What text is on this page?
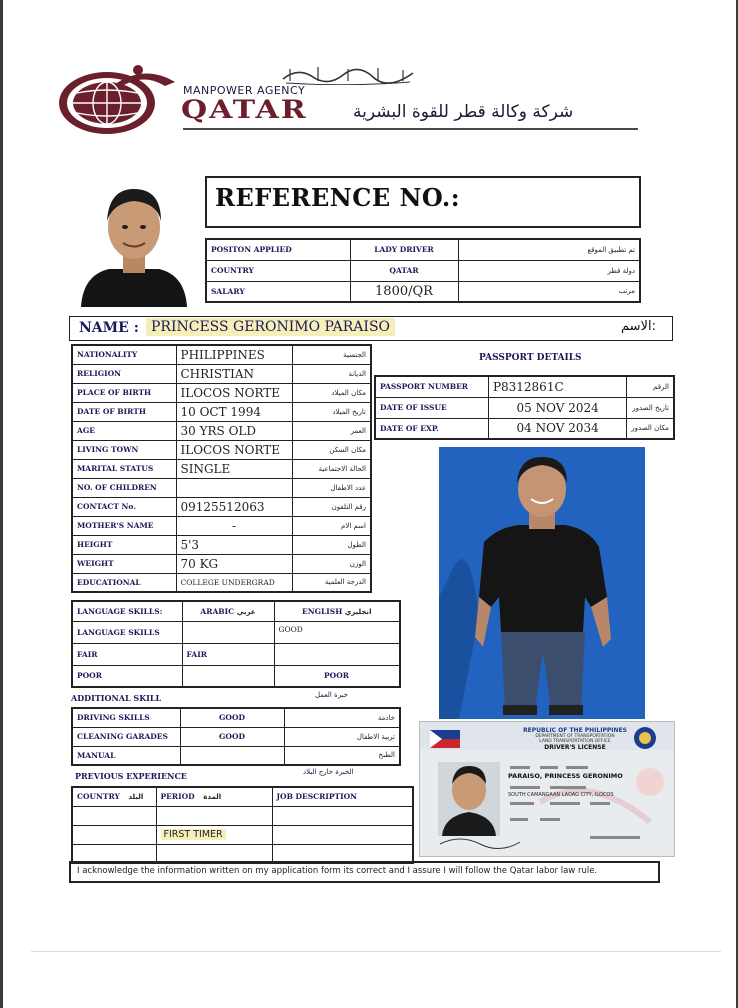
MANPOWER AGENCY
QATAR	شركة وكالة قطر للقوة البشرية
REFERENCE NO.:
POSITON APPLIED	LADY DRIVER	تم تطبيق الموقع
COUNTRY	QATAR	دولة قطر
SALARY	1800/QR	مرتب
NAME : PRINCESS GERONIMO PARAISO	الاسم:
NATIONALITY	PHILIPPINES	الجنسية
RELIGION	CHRISTIAN	الديانة
PLACE OF BIRTH	ILOCOS NORTE	مكان الميلاد
DATE OF BIRTH	10 OCT 1994	تاريخ الميلاد
AGE	30 YRS OLD	العمر
LIVING TOWN	ILOCOS NORTE	مكان السكن
MARITAL STATUS	SINGLE	الحالة الاجتماعية
NO. OF CHILDREN		عدد الاطفال
CONTACT No.	09125512063	رقم التلفون
MOTHER'S NAME	-	اسم الام
HEIGHT	5'3	الطول
WEIGHT	70 KG	الوزن
EDUCATIONAL	COLLEGE UNDERGRAD	الدرجة العلمية
PASSPORT DETAILS
PASSPORT NUMBER	P8312861C	الرقم
DATE OF ISSUE	05 NOV 2024	تاريخ الصدور
DATE OF EXP.	04 NOV 2034	مكان الصدور
REPUBLIC OF THE PHILIPPINES
DEPARTMENT OF TRANSPORTATION
LAND TRANSPORTATION OFFICE
DRIVER'S LICENSE
PARAISO, PRINCESS GERONIMO
SOUTH CAMANGAAN LAOAG CITY, ILOCOS
LANGUAGE SKILLS:	ARABIC عربي	ENGLISH انجليزي
LANGUAGE SKILLS		GOOD
FAIR	FAIR	
POOR		POOR
ADDITIONAL SKILL	خبرة العمل
DRIVING SKILLS	GOOD	خادمة
CLEANING GARADES	GOOD	تربية الاطفال
MANUAL		الطبخ
PREVIOUS EXPERIENCE	الخبرة خارج البلاد
COUNTRY البلد	PERIOD المدة	JOB DESCRIPTION

	FIRST TIMER	

I acknowledge the information written on my application form its correct and I assure I will follow the Qatar labor law rule.
